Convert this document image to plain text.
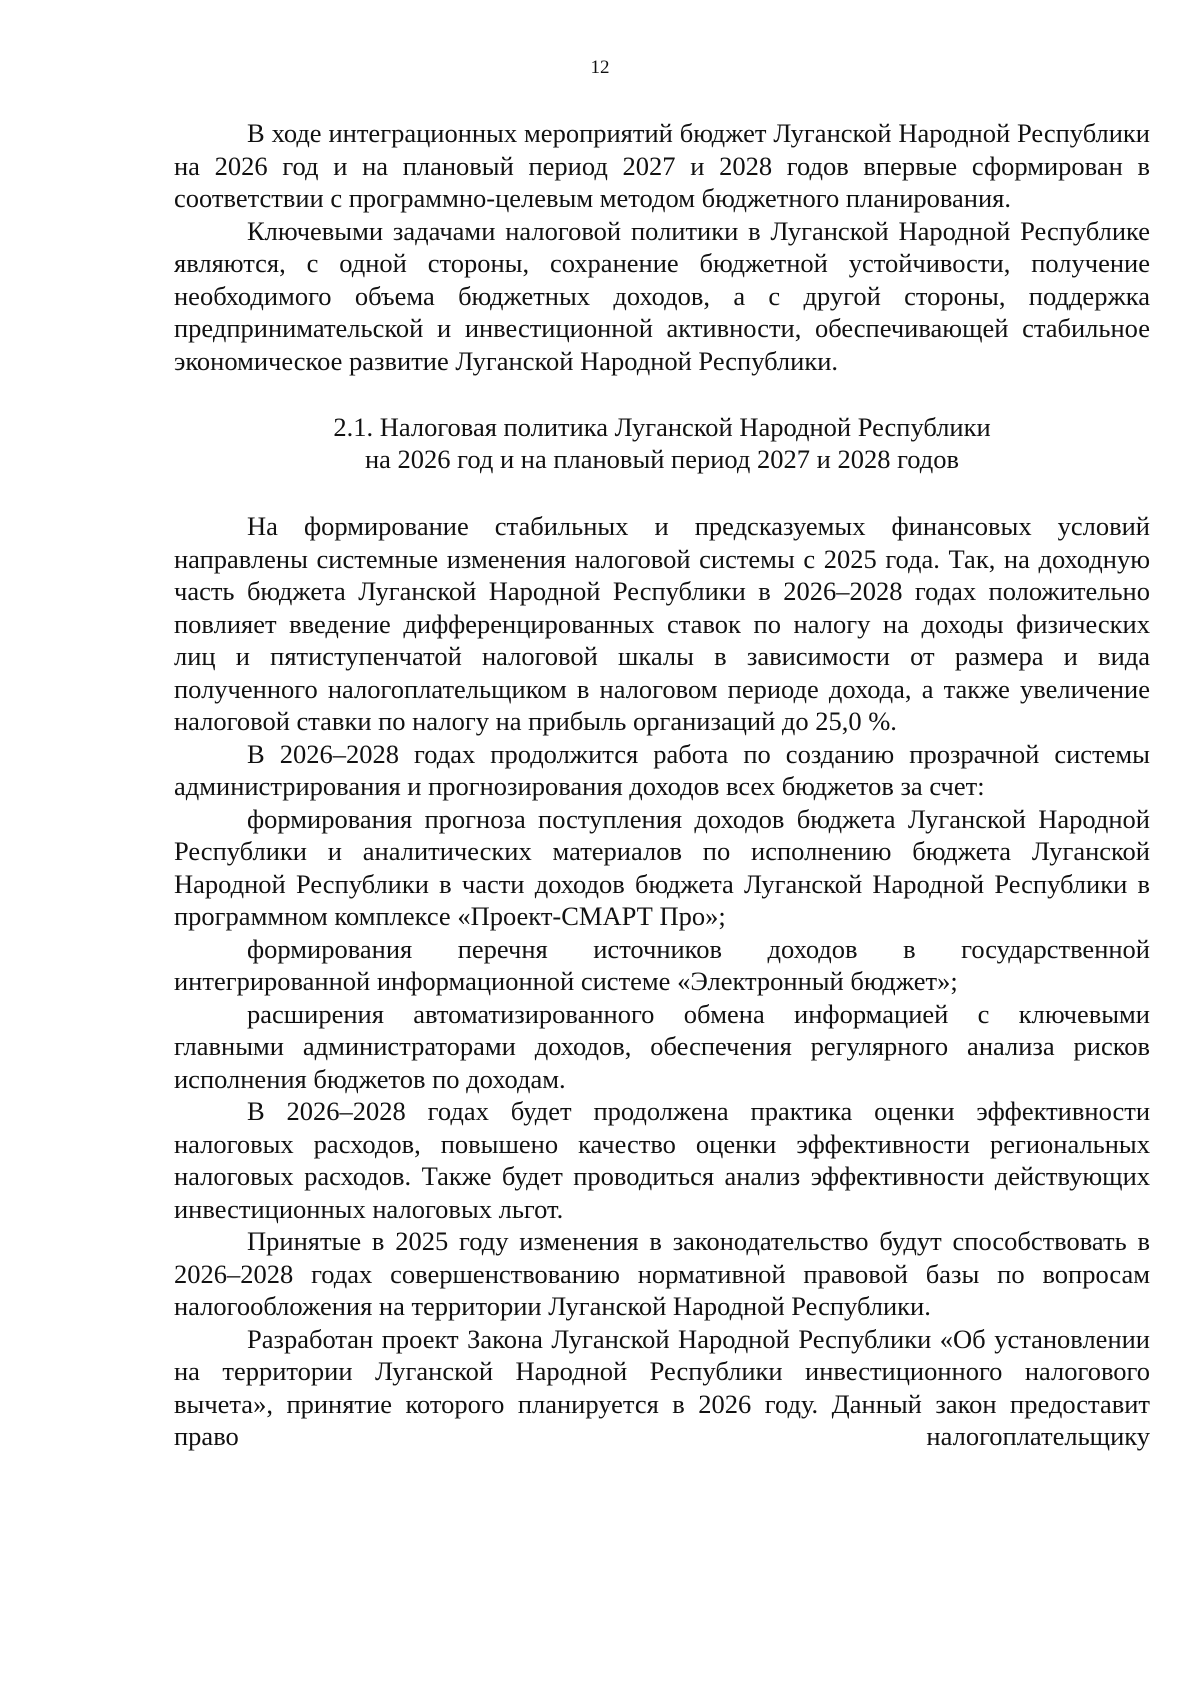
12

В ходе интеграционных мероприятий бюджет Луганской Народной Республики на 2026 год и на плановый период 2027 и 2028 годов впервые сформирован в соответствии с программно-целевым методом бюджетного планирования.

Ключевыми задачами налоговой политики в Луганской Народной Республике являются, с одной стороны, сохранение бюджетной устойчивости, получение необходимого объема бюджетных доходов, а с другой стороны, поддержка предпринимательской и инвестиционной активности, обеспечивающей стабильное экономическое развитие Луганской Народной Республики.

2.1. Налоговая политика Луганской Народной Республики
на 2026 год и на плановый период 2027 и 2028 годов

На формирование стабильных и предсказуемых финансовых условий направлены системные изменения налоговой системы с 2025 года. Так, на доходную часть бюджета Луганской Народной Республики в 2026–2028 годах положительно повлияет введение дифференцированных ставок по налогу на доходы физических лиц и пятиступенчатой налоговой шкалы в зависимости от размера и вида полученного налогоплательщиком в налоговом периоде дохода, а также увеличение налоговой ставки по налогу на прибыль организаций до 25,0 %.

В 2026–2028 годах продолжится работа по созданию прозрачной системы администрирования и прогнозирования доходов всех бюджетов за счет:

формирования прогноза поступления доходов бюджета Луганской Народной Республики и аналитических материалов по исполнению бюджета Луганской Народной Республики в части доходов бюджета Луганской Народной Республики в программном комплексе «Проект-СМАРТ Про»;

формирования перечня источников доходов в государственной интегрированной информационной системе «Электронный бюджет»;

расширения автоматизированного обмена информацией с ключевыми главными администраторами доходов, обеспечения регулярного анализа рисков исполнения бюджетов по доходам.

В 2026–2028 годах будет продолжена практика оценки эффективности налоговых расходов, повышено качество оценки эффективности региональных налоговых расходов. Также будет проводиться анализ эффективности действующих инвестиционных налоговых льгот.

Принятые в 2025 году изменения в законодательство будут способствовать в 2026–2028 годах совершенствованию нормативной правовой базы по вопросам налогообложения на территории Луганской Народной Республики.

Разработан проект Закона Луганской Народной Республики «Об установлении на территории Луганской Народной Республики инвестиционного налогового вычета», принятие которого планируется в 2026 году. Данный закон предоставит право налогоплательщику
